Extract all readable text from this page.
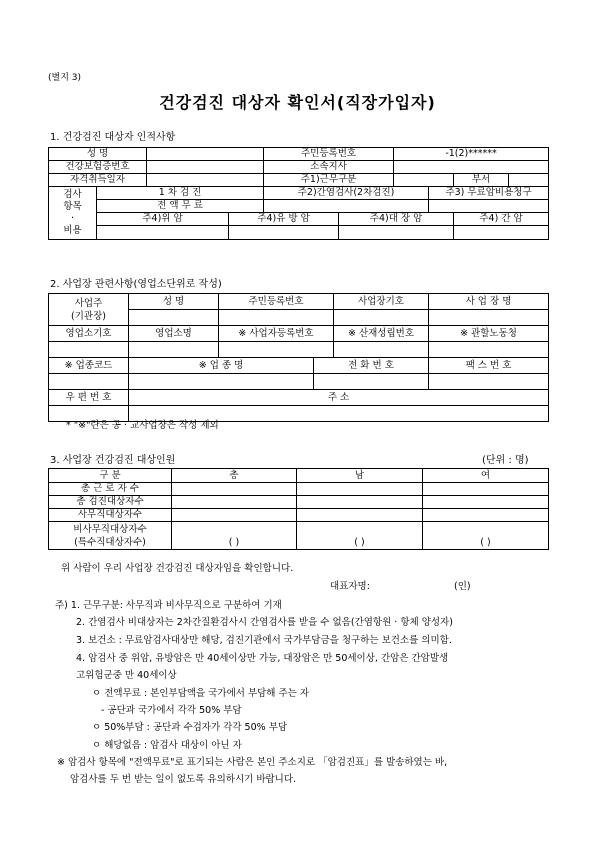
(별지 3)
건강검진 대상자 확인서(직장가입자)
1. 건강검진 대상자 인적사항
성 명				주민등록번호		-1(2)******			
건강보험증번호				소속지사					
자격취득일자				주1)근무구분				부서	

검사
항목
·
비용	1 차 검 진			주2)간염검사(2차검진)			주3) 무료암비용청구		
	전 액 무 료								
	주4)위 암		주4)유 방 암		주4)대 장 암			주4) 간 암	

2. 사업장 관련사항(영업소단위로 작성)
사업주
(기관장)	성 명	주민등록번호		사업장기호	사 업 장 명

영업소기호	영업소명	※ 사업자등록번호		※ 산재성립번호	※ 관할노동청

※ 업종코드	※ 업 종 명		전 화 번 호		팩 스 번 호

우 편 번 호	주 소				

* "※"란은 공 · 교사업장은 작성 제외
3. 사업장 건강검진 대상인원	(단위 : 명)
구 분	총	남	여
총 근 로 자 수			
총 검진대상자수			
사무직대상자수			

비사무직대상자수
(특수직대상자수)	( )	( )	( )
위 사람이 우리 사업장 건강검진 대상자임을 확인합니다.
대표자명:	(인)
주) 1. 근무구분: 사무직과 비사무직으로 구분하여 기재
2. 간염검사 비대상자는 2차간질환검사시 간염검사를 받을 수 없음(간염항원 · 항체 양성자)
3. 보건소 : 무료암검사대상만 해당, 검진기관에서 국가부담금을 청구하는 보건소를 의미함.
4. 암검사 중 위암, 유방암은 만 40세이상만 가능, 대장암은 만 50세이상, 간암은 간암발생
고위험군중 만 40세이상
ㅇ 전액무료 : 본인부담액을 국가에서 부담해 주는 자
- 공단과 국가에서 각각 50% 부담
ㅇ 50%부담 : 공단과 수검자가 각각 50% 부담
ㅇ 해당없음 : 암검사 대상이 아닌 자
※ 암검사 항목에 "전액무료"로 표기되는 사람은 본인 주소지로 「암검진표」를 발송하였는 바,
암검사를 두 번 받는 일이 없도록 유의하시기 바랍니다.
